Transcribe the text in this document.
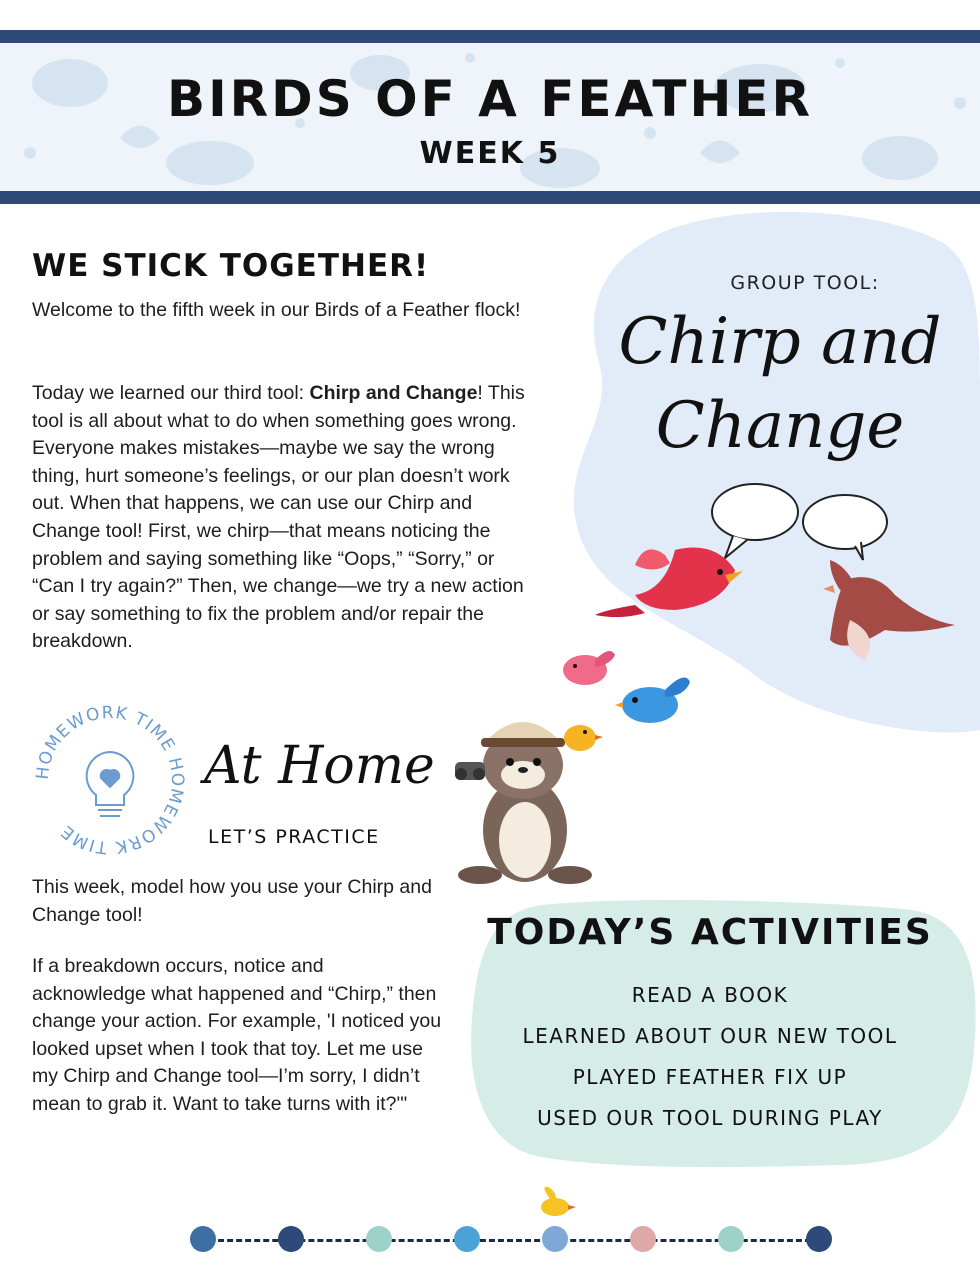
BIRDS OF A FEATHER
WEEK 5
GROUP TOOL:
Chirp and
Change
WE STICK TOGETHER!
Welcome to the fifth week in our Birds of a Feather flock!
Today we learned our third tool: Chirp and Change! This tool is all about what to do when something goes wrong. Everyone makes mistakes—maybe we say the wrong thing, hurt someone’s feelings, or our plan doesn’t work out. When that happens, we can use our Chirp and Change tool! First, we chirp—that means noticing the problem and saying something like “Oops,” “Sorry,” or “Can I try again?” Then, we change—we try a new action or say something to fix the problem and/or repair the breakdown.
HOMEWORK TIME HOMEWORK TIME
At Home
LET’S PRACTICE
This week, model how you use your Chirp and Change tool!
If a breakdown occurs, notice and acknowledge what happened and “Chirp,” then change your action. For example, 'I noticed you looked upset when I took that toy. Let me use my Chirp and Change tool—I’m sorry, I didn’t mean to grab it. Want to take turns with it?'"
TODAY’S ACTIVITIES
READ A BOOK
LEARNED ABOUT OUR NEW TOOL
PLAYED FEATHER FIX UP
USED OUR TOOL DURING PLAY
